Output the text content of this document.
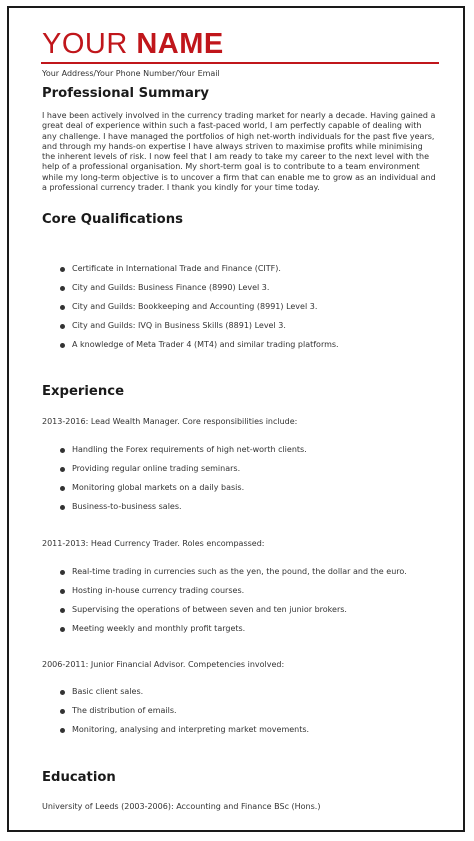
YOUR NAME
Your Address/Your Phone Number/Your Email
Professional Summary

I have been actively involved in the currency trading market for nearly a decade. Having gained a great deal of experience within such a fast-paced world, I am perfectly capable of dealing with any challenge. I have managed the portfolios of high net-worth individuals for the past five years, and through my hands-on expertise I have always striven to maximise profits while minimising the inherent levels of risk. I now feel that I am ready to take my career to the next level with the help of a professional organisation. My short-term goal is to contribute to a team environment while my long-term objective is to uncover a firm that can enable me to grow as an individual and a professional currency trader. I thank you kindly for your time today.

Core Qualifications
Certificate in International Trade and Finance (CITF).
City and Guilds: Business Finance (8990) Level 3.
City and Guilds: Bookkeeping and Accounting (8991) Level 3.
City and Guilds: IVQ in Business Skills (8891) Level 3.
A knowledge of Meta Trader 4 (MT4) and similar trading platforms.
Experience
2013-2016: Lead Wealth Manager. Core responsibilities include:
Handling the Forex requirements of high net-worth clients.
Providing regular online trading seminars.
Monitoring global markets on a daily basis.
Business-to-business sales.
2011-2013: Head Currency Trader. Roles encompassed:
Real-time trading in currencies such as the yen, the pound, the dollar and the euro.
Hosting in-house currency trading courses.
Supervising the operations of between seven and ten junior brokers.
Meeting weekly and monthly profit targets.
2006-2011: Junior Financial Advisor. Competencies involved:
Basic client sales.
The distribution of emails.
Monitoring, analysing and interpreting market movements.
Education
University of Leeds (2003-2006): Accounting and Finance BSc (Hons.)
